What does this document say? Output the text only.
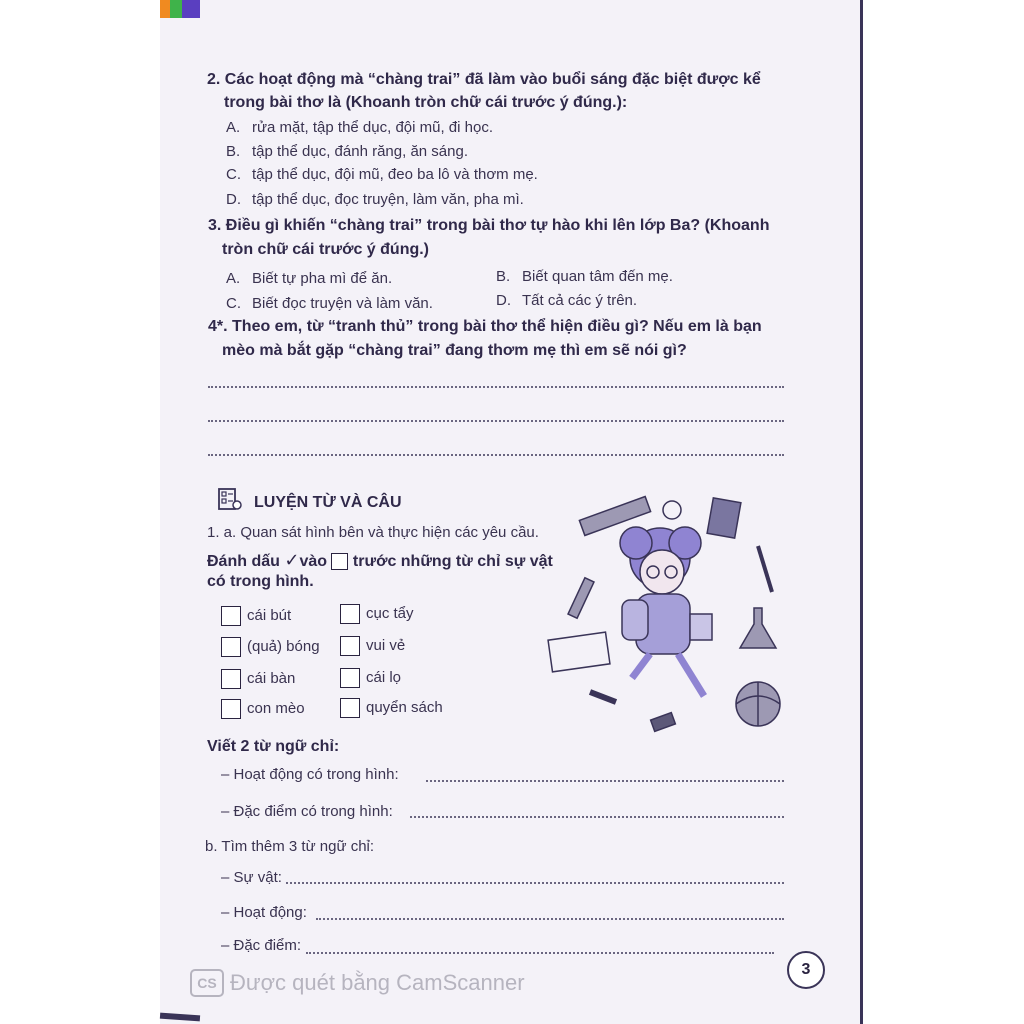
2. Các hoạt động mà “chàng trai” đã làm vào buổi sáng đặc biệt được kể
trong bài thơ là (Khoanh tròn chữ cái trước ý đúng.):
A. rửa mặt, tập thể dục, đội mũ, đi học.
B. tập thể dục, đánh răng, ăn sáng.
C. tập thể dục, đội mũ, đeo ba lô và thơm mẹ.
D. tập thể dục, đọc truyện, làm văn, pha mì.
3. Điều gì khiến “chàng trai” trong bài thơ tự hào khi lên lớp Ba? (Khoanh
tròn chữ cái trước ý đúng.)
A. Biết tự pha mì để ăn.	B. Biết quan tâm đến mẹ.
C. Biết đọc truyện và làm văn.	D. Tất cả các ý trên.
4*. Theo em, từ “tranh thủ” trong bài thơ thể hiện điều gì? Nếu em là bạn
mèo mà bắt gặp “chàng trai” đang thơm mẹ thì em sẽ nói gì?
LUYỆN TỪ VÀ CÂU
1. a. Quan sát hình bên và thực hiện các yêu cầu.
Đánh dấu ✓vào trước những từ chỉ sự vật
có trong hình.
cái bút
(quả) bóng
cái bàn
con mèo
cục tẩy
vui vẻ
cái lọ
quyển sách
Viết 2 từ ngữ chỉ:
– Hoạt động có trong hình:
– Đặc điểm có trong hình:
b. Tìm thêm 3 từ ngữ chỉ:
– Sự vật:
– Hoạt động:
– Đặc điểm:
3
CS Được quét bằng CamScanner
